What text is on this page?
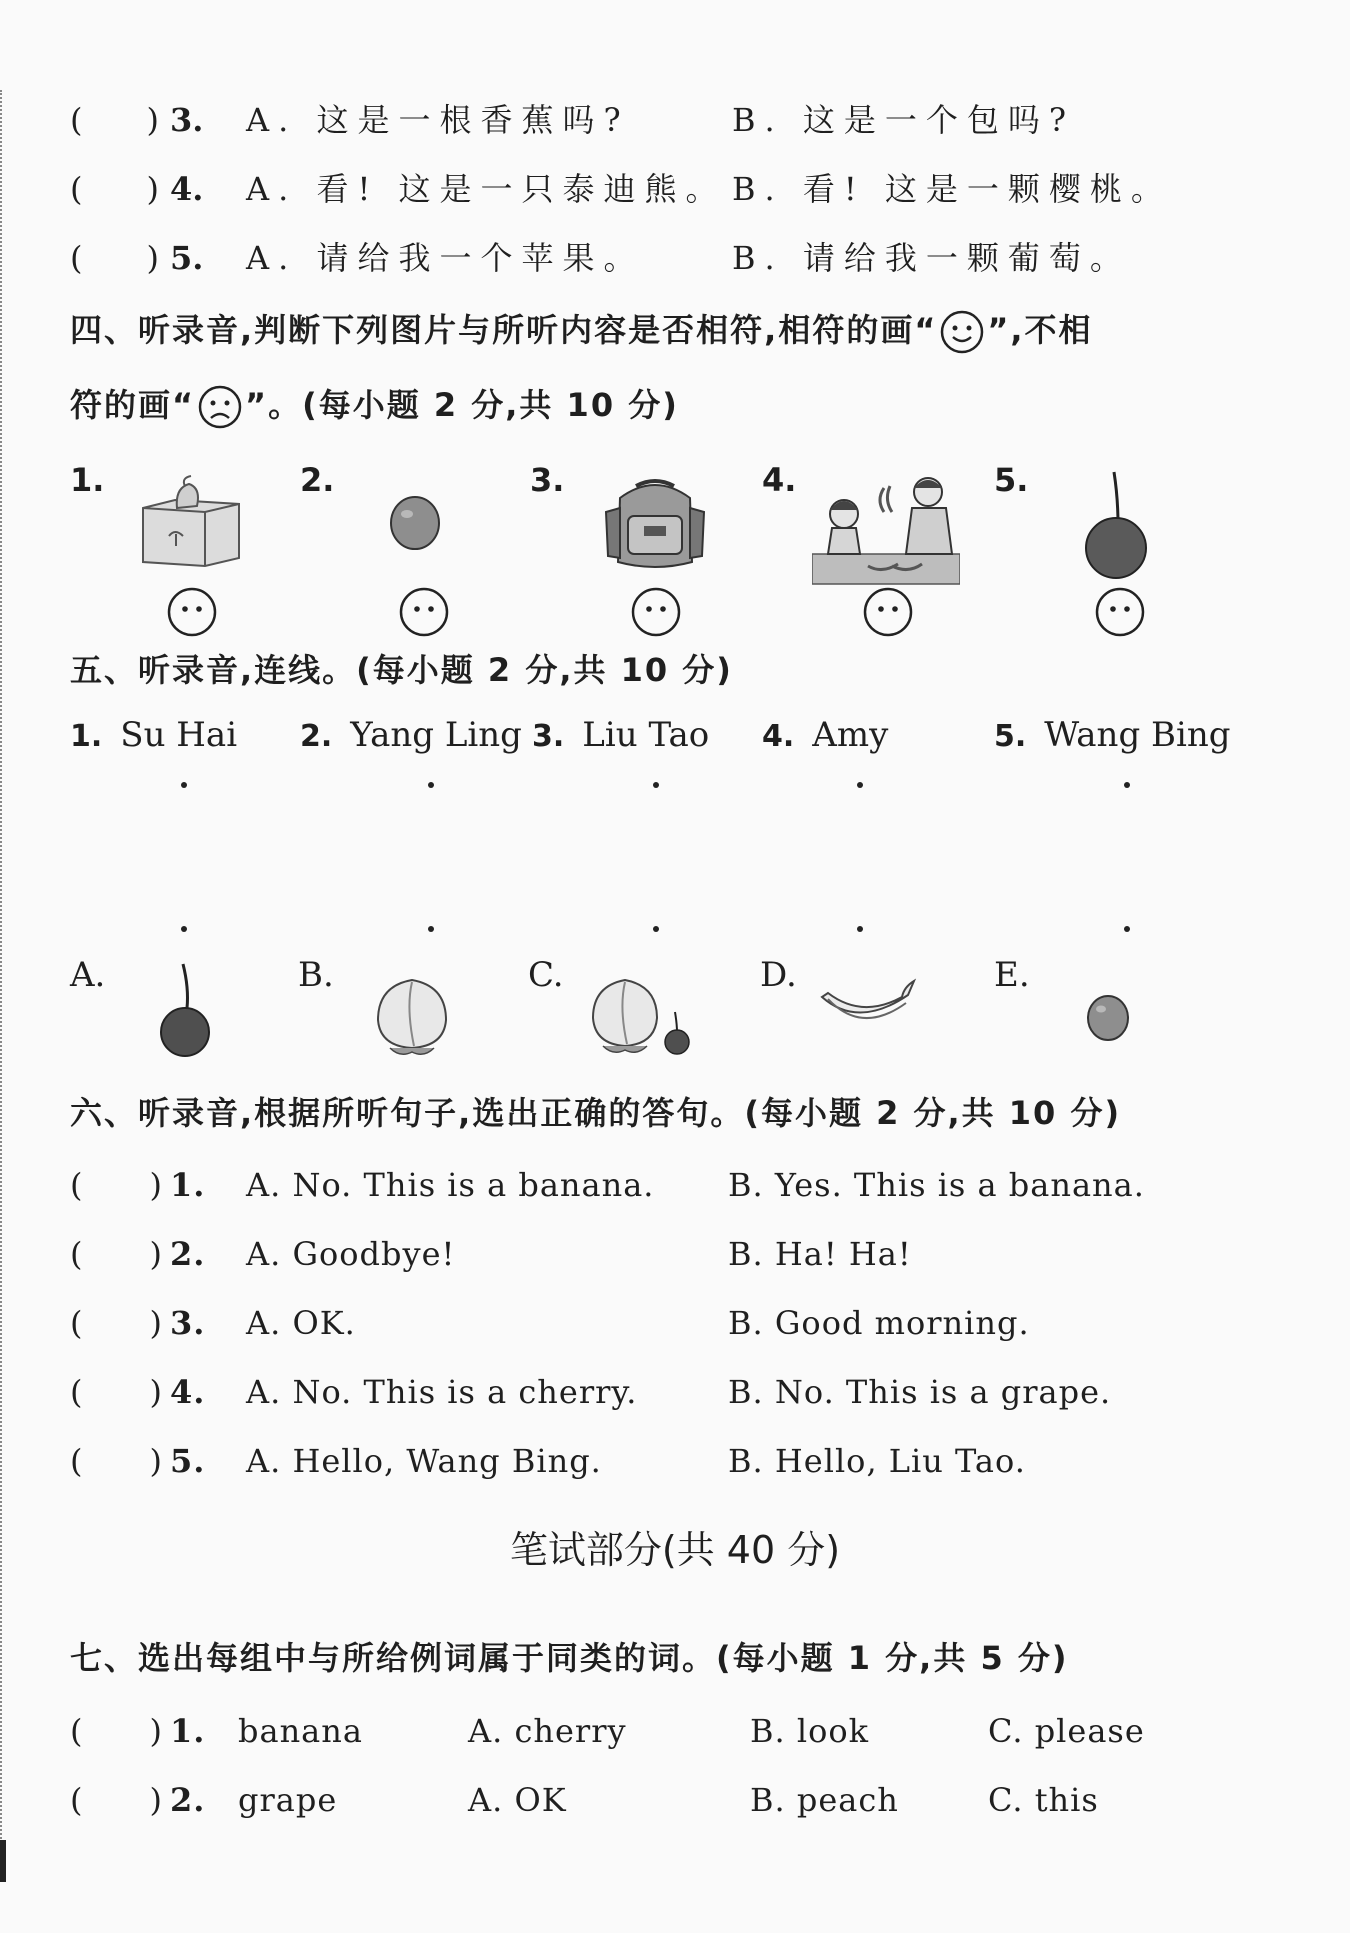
(　　) 3. A. 这是一根香蕉吗?	B. 这是一个包吗?
(　　) 4. A. 看! 这是一只泰迪熊。 B. 看! 这是一颗樱桃。
(　　) 5. A. 请给我一个苹果。	B. 请给我一颗葡萄。
四、听录音,判断下列图片与所听内容是否相符,相符的画“ ”,不相
符的画“ ”。(每小题 2 分,共 10 分)
1.	2.	3.	4.	5.
五、听录音,连线。(每小题 2 分,共 10 分)
1. Su Hai 2. Yang Ling 3. Liu Tao 4. Amy	5. Wang Bing
A.	B.	C.	D.	E.
六、听录音,根据所听句子,选出正确的答句。(每小题 2 分,共 10 分)
(　　) 1. A. No. This is a banana. B. Yes. This is a banana.
(　　) 2. A. Goodbye!	B. Ha! Ha!
(　　) 3. A. OK.	B. Good morning.
(　　) 4. A. No. This is a cherry.	B. No. This is a grape.
(　　) 5. A. Hello, Wang Bing.	B. Hello, Liu Tao.
笔试部分(共 40 分)
七、选出每组中与所给例词属于同类的词。(每小题 1 分,共 5 分)
(　　) 1. banana	A. cherry	B. look	C. please
(　　) 2. grape	A. OK	B. peach	C. this
